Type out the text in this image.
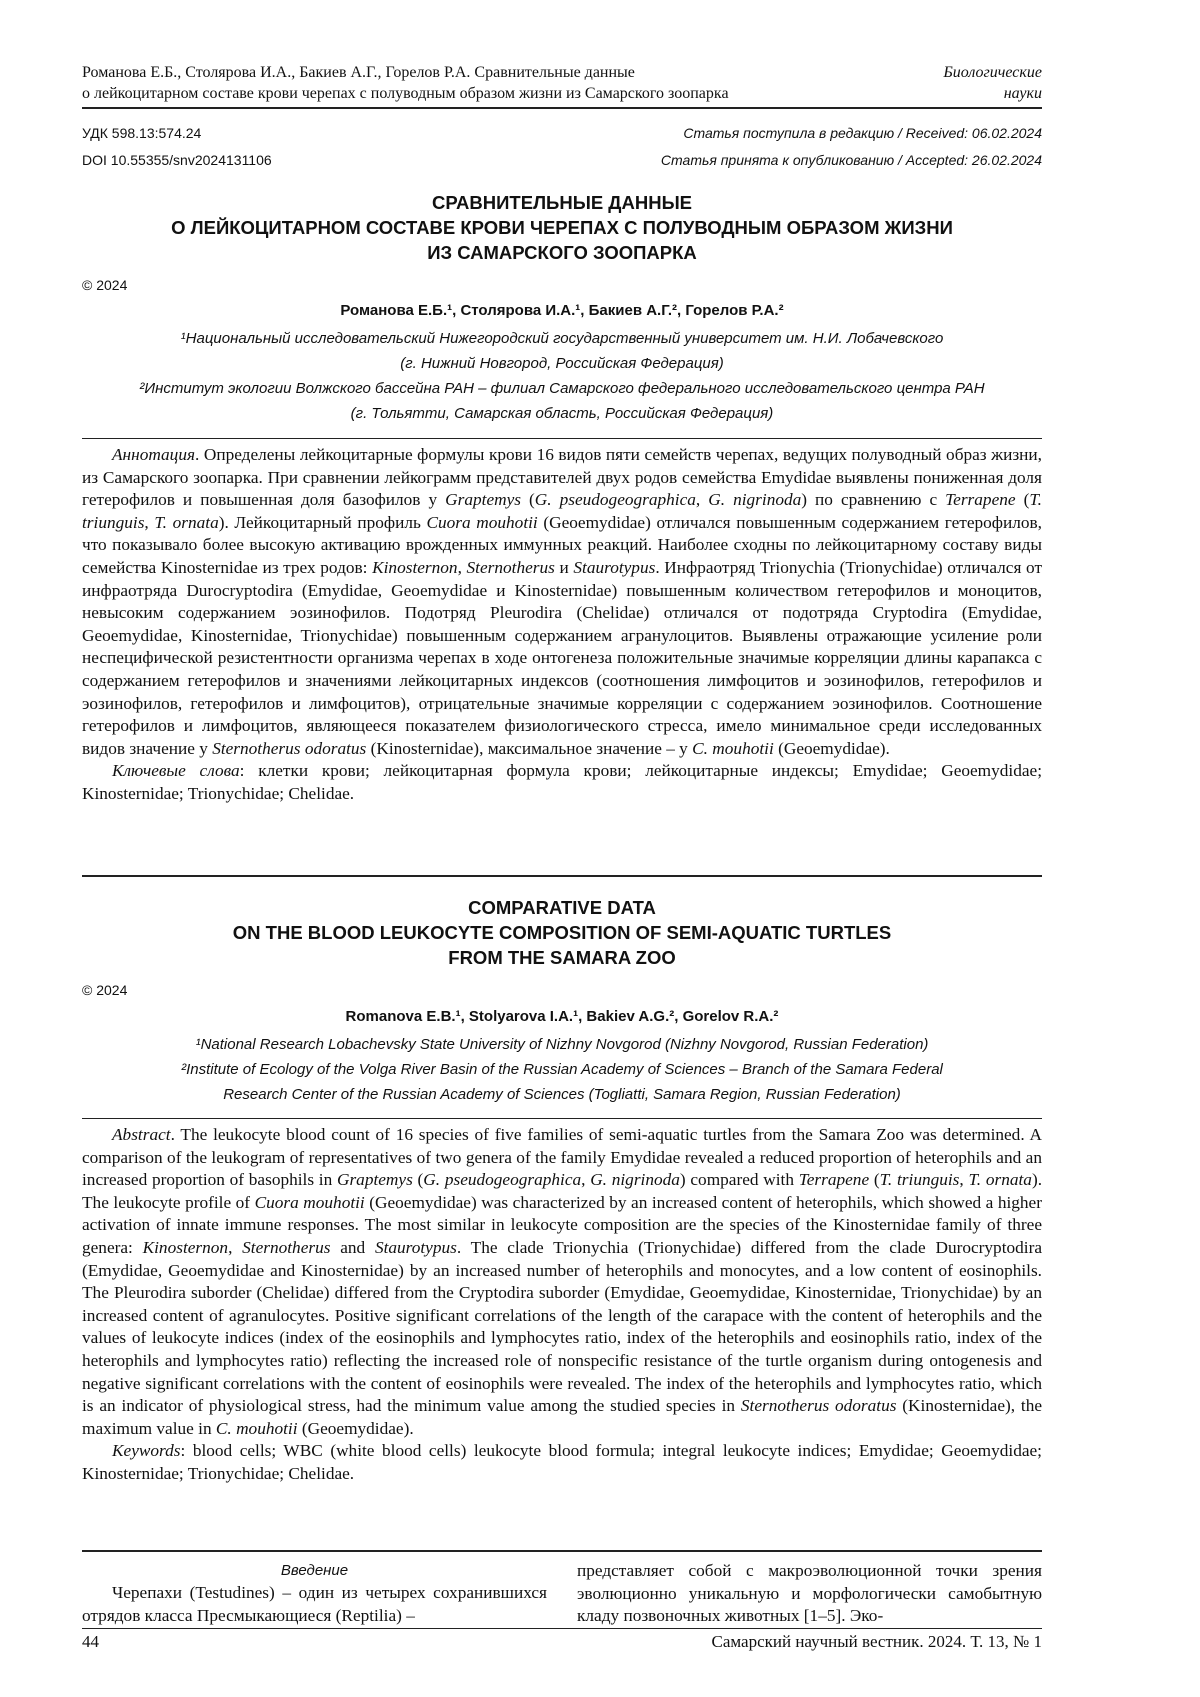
Романова Е.Б., Столярова И.А., Бакиев А.Г., Горелов Р.А. Сравнительные данные
о лейкоцитарном составе крови черепах с полуводным образом жизни из Самарского зоопарка
Биологические
науки
УДК 598.13:574.24
DOI 10.55355/snv2024131106
Статья поступила в редакцию / Received: 06.02.2024
Статья принята к опубликованию / Accepted: 26.02.2024
СРАВНИТЕЛЬНЫЕ ДАННЫЕ
О ЛЕЙКОЦИТАРНОМ СОСТАВЕ КРОВИ ЧЕРЕПАХ С ПОЛУВОДНЫМ ОБРАЗОМ ЖИЗНИ
ИЗ САМАРСКОГО ЗООПАРКА
© 2024
Романова Е.Б.¹, Столярова И.А.¹, Бакиев А.Г.², Горелов Р.А.²
¹Национальный исследовательский Нижегородский государственный университет им. Н.И. Лобачевского
(г. Нижний Новгород, Российская Федерация)
²Институт экологии Волжского бассейна РАН – филиал Самарского федерального исследовательского центра РАН
(г. Тольятти, Самарская область, Российская Федерация)

Аннотация. Определены лейкоцитарные формулы крови 16 видов пяти семейств черепах, ведущих полуводный образ жизни, из Самарского зоопарка. При сравнении лейкограмм представителей двух родов семейства Emydidae выявлены пониженная доля гетерофилов и повышенная доля базофилов у Graptemys (G. pseudogeographica, G. nigrinoda) по сравнению с Terrapene (T. triunguis, T. ornata). Лейкоцитарный профиль Cuora mouhotii (Geoemydidae) отличался повышенным содержанием гетерофилов, что показывало более высокую активацию врожденных иммунных реакций. Наиболее сходны по лейкоцитарному составу виды семейства Kinosternidae из трех родов: Kinosternon, Sternotherus и Staurotypus. Инфраотряд Trionychia (Trionychidae) отличался от инфраотряда Durocryptodira (Emydidae, Geoemydidae и Kinosternidae) повышенным количеством гетерофилов и моноцитов, невысоким содержанием эозинофилов. Подотряд Pleurodira (Chelidae) отличался от подотряда Cryptodira (Emydidae, Geoemydidae, Kinosternidae, Trionychidae) повышенным содержанием агранулоцитов. Выявлены отражающие усиление роли неспецифической резистентности организма черепах в ходе онтогенеза положительные значимые корреляции длины карапакса с содержанием гетерофилов и значениями лейкоцитарных индексов (соотношения лимфоцитов и эозинофилов, гетерофилов и эозинофилов, гетерофилов и лимфоцитов), отрицательные значимые корреляции с содержанием эозинофилов. Соотношение гетерофилов и лимфоцитов, являющееся показателем физиологического стресса, имело минимальное среди исследованных видов значение у Sternotherus odoratus (Kinosternidae), максимальное значение – у C. mouhotii (Geoemydidae).

Ключевые слова: клетки крови; лейкоцитарная формула крови; лейкоцитарные индексы; Emydidae; Geoemydidae; Kinosternidae; Trionychidae; Chelidae.

COMPARATIVE DATA
ON THE BLOOD LEUKOCYTE COMPOSITION OF SEMI-AQUATIC TURTLES
FROM THE SAMARA ZOO
© 2024
Romanova E.B.¹, Stolyarova I.A.¹, Bakiev A.G.², Gorelov R.A.²
¹National Research Lobachevsky State University of Nizhny Novgorod (Nizhny Novgorod, Russian Federation)
²Institute of Ecology of the Volga River Basin of the Russian Academy of Sciences – Branch of the Samara Federal
Research Center of the Russian Academy of Sciences (Togliatti, Samara Region, Russian Federation)

Abstract. The leukocyte blood count of 16 species of five families of semi-aquatic turtles from the Samara Zoo was determined. A comparison of the leukogram of representatives of two genera of the family Emydidae revealed a reduced proportion of heterophils and an increased proportion of basophils in Graptemys (G. pseudogeographica, G. nigrinoda) compared with Terrapene (T. triunguis, T. ornata). The leukocyte profile of Cuora mouhotii (Geoemydidae) was characterized by an increased content of heterophils, which showed a higher activation of innate immune responses. The most similar in leukocyte composition are the species of the Kinosternidae family of three genera: Kinosternon, Sternotherus and Staurotypus. The clade Trionychia (Trionychidae) differed from the clade Durocryptodira (Emydidae, Geoemydidae and Kinosternidae) by an increased number of heterophils and monocytes, and a low content of eosinophils. The Pleurodira suborder (Chelidae) differed from the Cryptodira suborder (Emydidae, Geoemydidae, Kinosternidae, Trionychidae) by an increased content of agranulocytes. Positive significant correlations of the length of the carapace with the content of heterophils and the values of leukocyte indices (index of the eosinophils and lymphocytes ratio, index of the heterophils and eosinophils ratio, index of the heterophils and lymphocytes ratio) reflecting the increased role of nonspecific resistance of the turtle organism during ontogenesis and negative significant correlations with the content of eosinophils were revealed. The index of the heterophils and lymphocytes ratio, which is an indicator of physiological stress, had the minimum value among the studied species in Sternotherus odoratus (Kinosternidae), the maximum value in C. mouhotii (Geoemydidae).

Keywords: blood cells; WBC (white blood cells) leukocyte blood formula; integral leukocyte indices; Emydidae; Geoemydidae; Kinosternidae; Trionychidae; Chelidae.

Введение

Черепахи (Testudines) – один из четырех сохранившихся отрядов класса Пресмыкающиеся (Reptilia) –

представляет собой с макроэволюционной точки зрения эволюционно уникальную и морфологически самобытную кладу позвоночных животных [1–5]. Эко-

44	Самарский научный вестник. 2024. Т. 13, № 1
